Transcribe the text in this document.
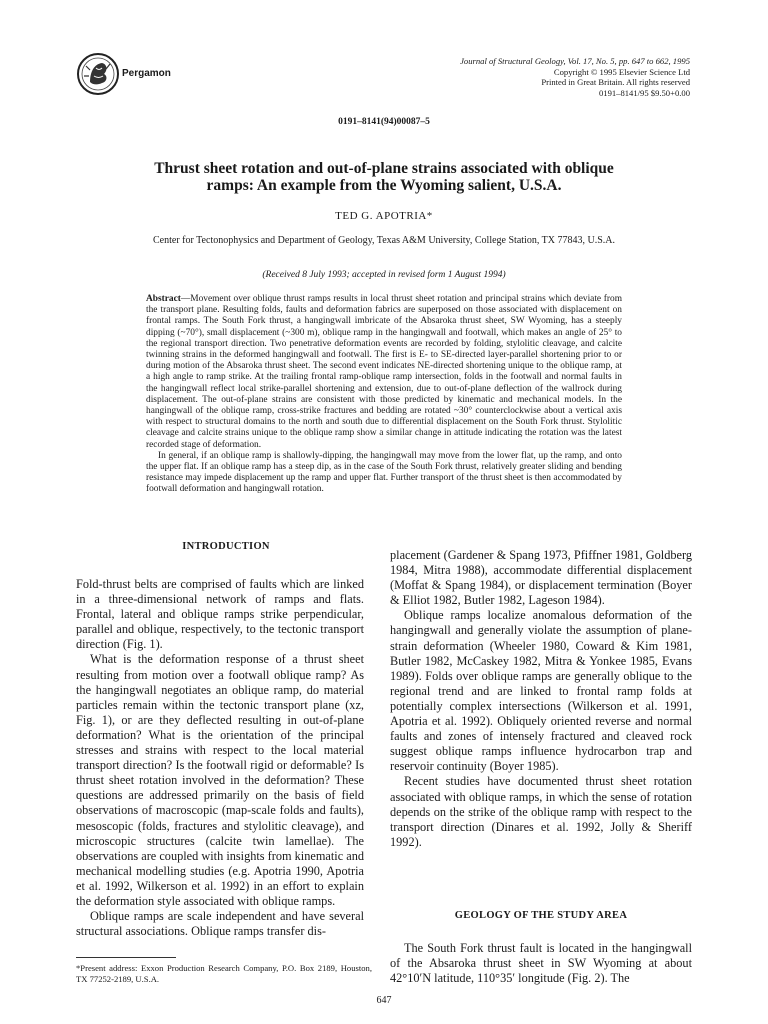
Pergamon
Journal of Structural Geology, Vol. 17, No. 5, pp. 647 to 662, 1995
Copyright © 1995 Elsevier Science Ltd
Printed in Great Britain. All rights reserved
0191–8141/95 $9.50+0.00
0191–8141(94)00087–5
Thrust sheet rotation and out-of-plane strains associated with oblique ramps: An example from the Wyoming salient, U.S.A.
TED G. APOTRIA*
Center for Tectonophysics and Department of Geology, Texas A&M University, College Station, TX 77843, U.S.A.
(Received 8 July 1993; accepted in revised form 1 August 1994)

Abstract—Movement over oblique thrust ramps results in local thrust sheet rotation and principal strains which deviate from the transport plane. Resulting folds, faults and deformation fabrics are superposed on those associated with displacement on frontal ramps. The South Fork thrust, a hangingwall imbricate of the Absaroka thrust sheet, SW Wyoming, has a steeply dipping (~70°), small displacement (~300 m), oblique ramp in the hangingwall and footwall, which makes an angle of 25° to the regional transport direction. Two penetrative deformation events are recorded by folding, stylolitic cleavage, and calcite twinning strains in the deformed hangingwall and footwall. The first is E- to SE-directed layer-parallel shortening prior to or during motion of the Absaroka thrust sheet. The second event indicates NE-directed shortening unique to the oblique ramp, at a high angle to ramp strike. At the trailing frontal ramp-oblique ramp intersection, folds in the footwall and normal faults in the hangingwall reflect local strike-parallel shortening and extension, due to out-of-plane deflection of the wallrock during displacement. The out-of-plane strains are consistent with those predicted by kinematic and mechanical models. In the hangingwall of the oblique ramp, cross-strike fractures and bedding are rotated ~30° counterclockwise about a vertical axis with respect to structural domains to the north and south due to differential displacement on the South Fork thrust. Stylolitic cleavage and calcite strains unique to the oblique ramp show a similar change in attitude indicating the rotation was the latest recorded stage of deformation.

In general, if an oblique ramp is shallowly-dipping, the hangingwall may move from the lower flat, up the ramp, and onto the upper flat. If an oblique ramp has a steep dip, as in the case of the South Fork thrust, relatively greater sliding and bending resistance may impede displacement up the ramp and upper flat. Further transport of the thrust sheet is then accommodated by footwall deformation and hangingwall rotation.

INTRODUCTION

Fold-thrust belts are comprised of faults which are linked in a three-dimensional network of ramps and flats. Frontal, lateral and oblique ramps strike perpendicular, parallel and oblique, respectively, to the tectonic transport direction (Fig. 1).

What is the deformation response of a thrust sheet resulting from motion over a footwall oblique ramp? As the hangingwall negotiates an oblique ramp, do material particles remain within the tectonic transport plane (xz, Fig. 1), or are they deflected resulting in out-of-plane deformation? What is the orientation of the principal stresses and strains with respect to the local material transport direction? Is the footwall rigid or deformable? Is thrust sheet rotation involved in the deformation? These questions are addressed primarily on the basis of field observations of macroscopic (map-scale folds and faults), mesoscopic (folds, fractures and stylolitic cleavage), and microscopic structures (calcite twin lamellae). The observations are coupled with insights from kinematic and mechanical modelling studies (e.g. Apotria 1990, Apotria et al. 1992, Wilkerson et al. 1992) in an effort to explain the deformation style associated with oblique ramps.

Oblique ramps are scale independent and have several structural associations. Oblique ramps transfer dis-

placement (Gardener & Spang 1973, Pfiffner 1981, Goldberg 1984, Mitra 1988), accommodate differential displacement (Moffat & Spang 1984), or displacement termination (Boyer & Elliot 1982, Butler 1982, Lageson 1984).

Oblique ramps localize anomalous deformation of the hangingwall and generally violate the assumption of plane-strain deformation (Wheeler 1980, Coward & Kim 1981, Butler 1982, McCaskey 1982, Mitra & Yonkee 1985, Evans 1989). Folds over oblique ramps are generally oblique to the regional trend and are linked to frontal ramp folds at potentially complex intersections (Wilkerson et al. 1991, Apotria et al. 1992). Obliquely oriented reverse and normal faults and zones of intensely fractured and cleaved rock suggest oblique ramps influence hydrocarbon trap and reservoir continuity (Boyer 1985).

Recent studies have documented thrust sheet rotation associated with oblique ramps, in which the sense of rotation depends on the strike of the oblique ramp with respect to the transport direction (Dinares et al. 1992, Jolly & Sheriff 1992).

GEOLOGY OF THE STUDY AREA

The South Fork thrust fault is located in the hangingwall of the Absaroka thrust sheet in SW Wyoming at about 42°10′N latitude, 110°35′ longitude (Fig. 2). The

*Present address: Exxon Production Research Company, P.O. Box 2189, Houston, TX 77252-2189, U.S.A.
647
